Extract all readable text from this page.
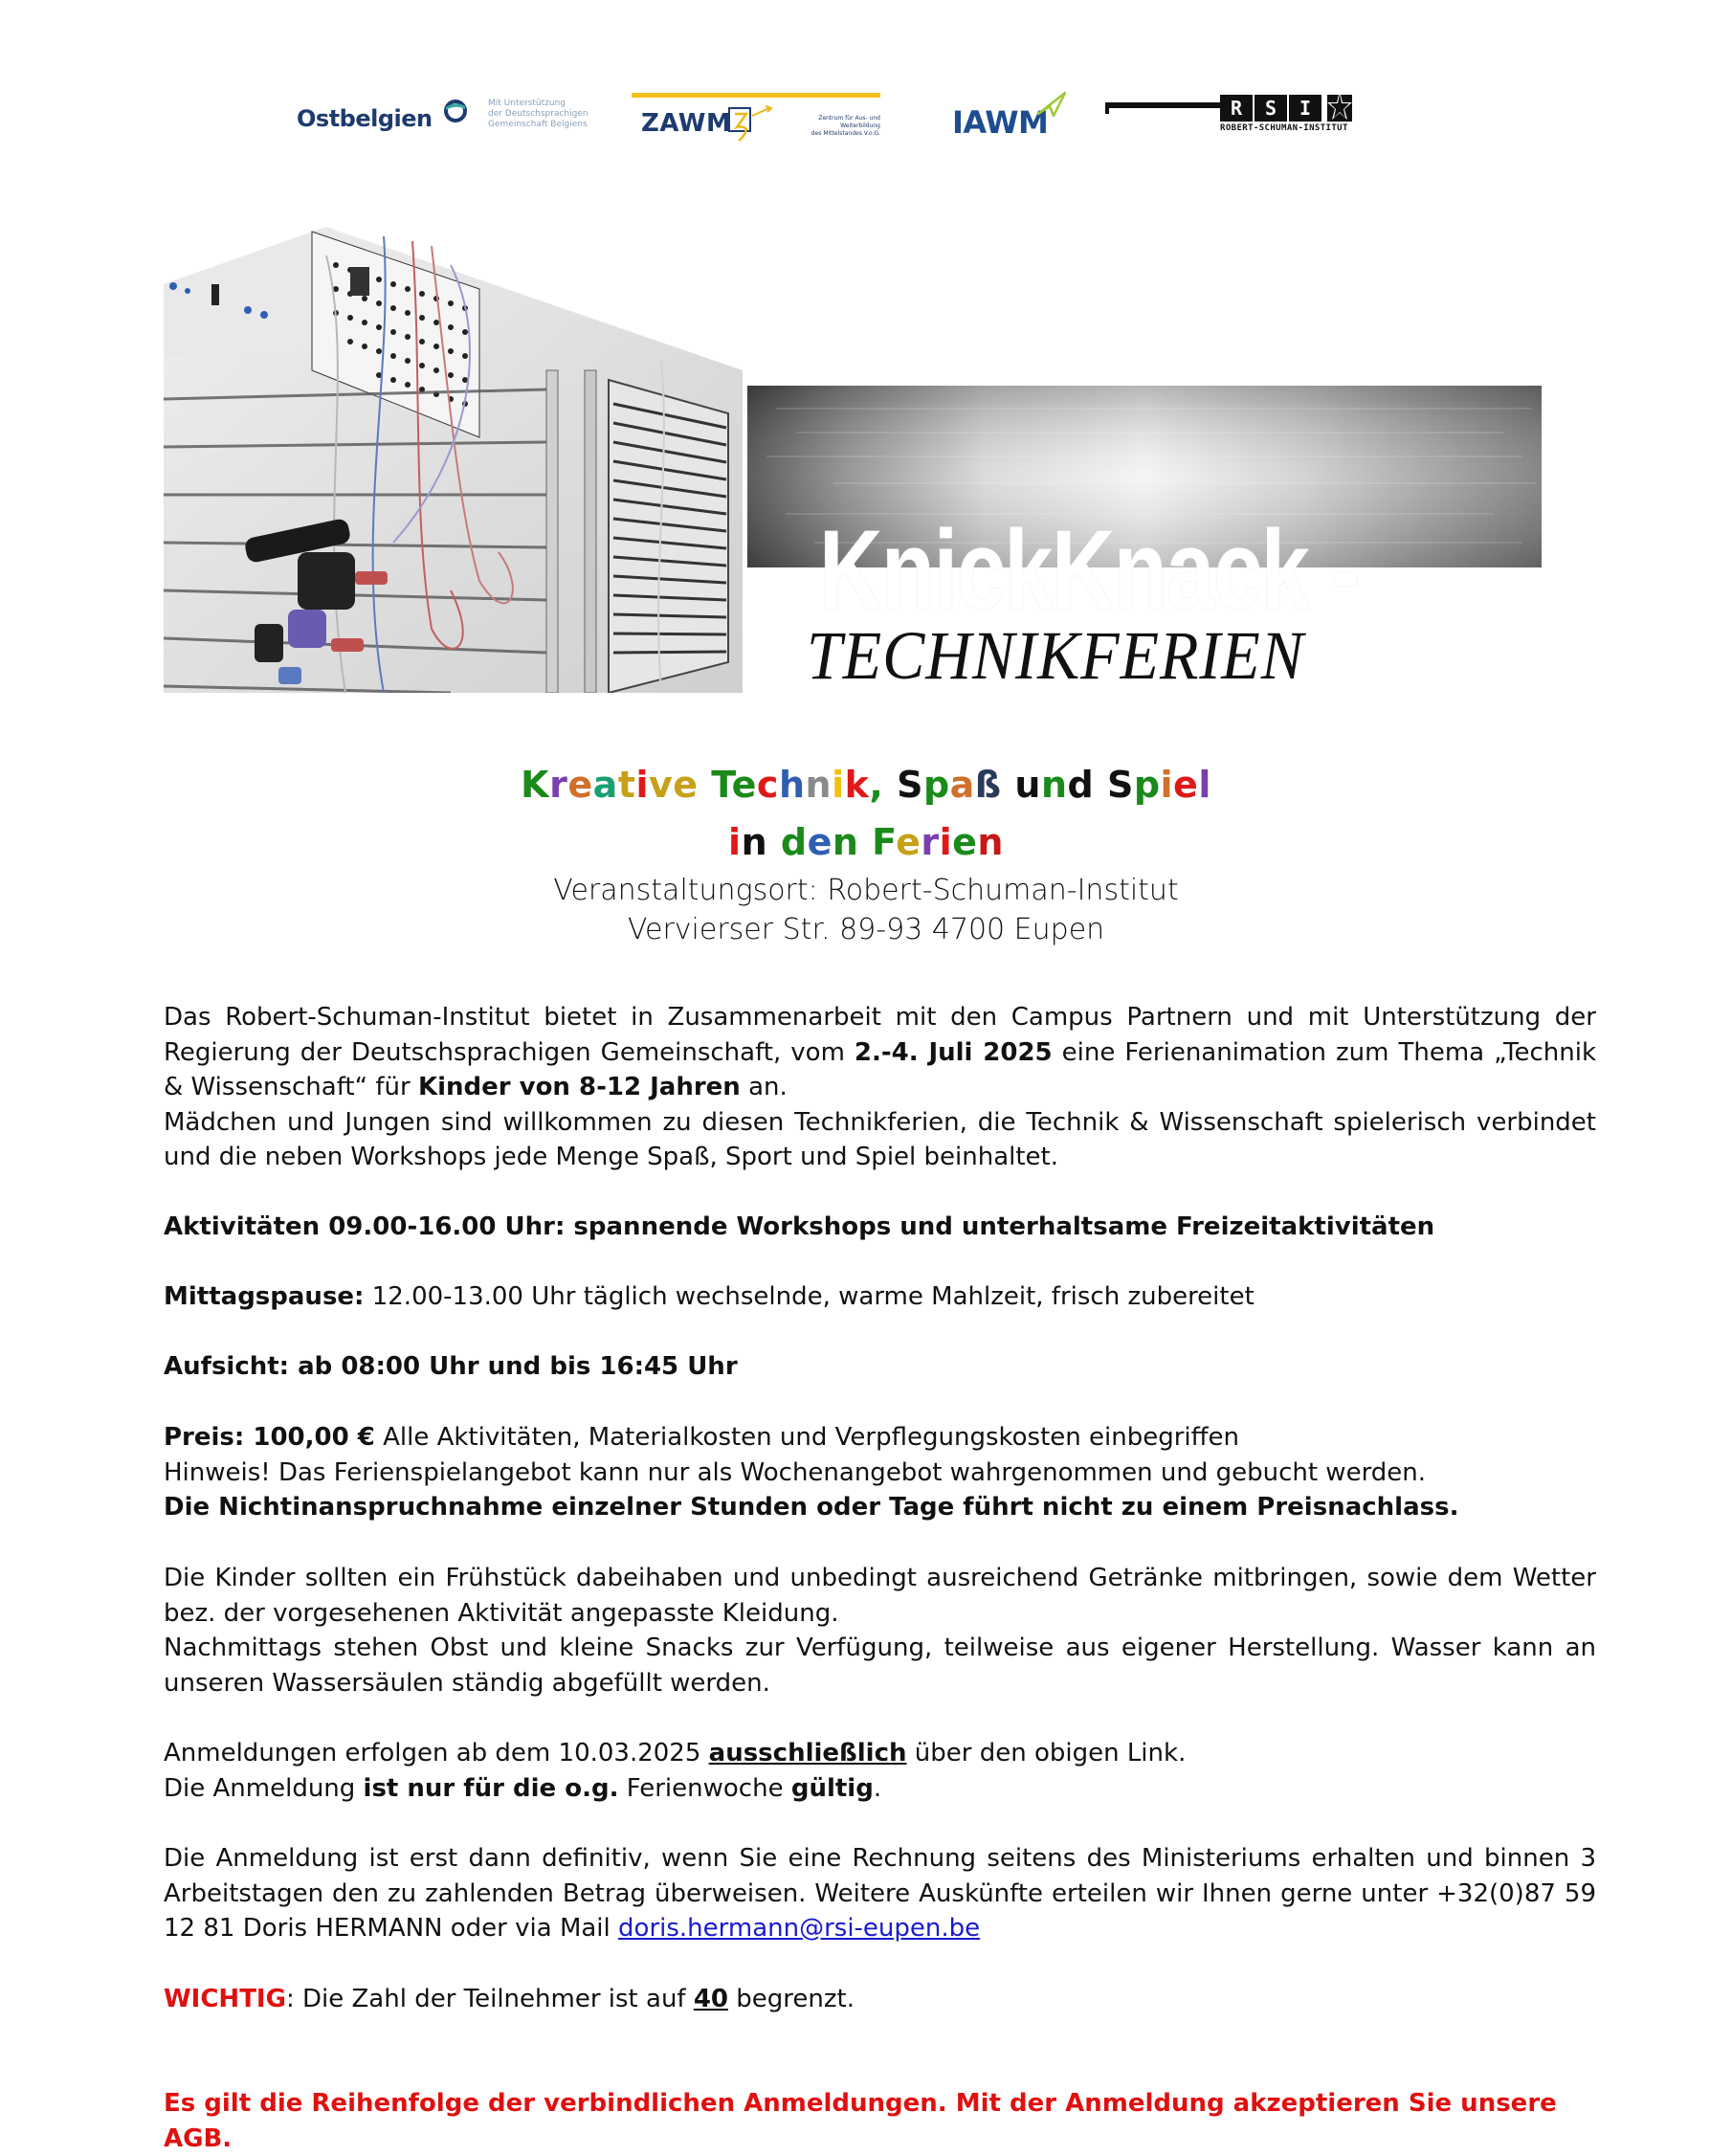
Ostbelgien
Mit Unterstützung
der Deutschsprachigen
Gemeinschaft Belgiens ZAWM	Zentrum für Aus- und Weiterbildung
des Mittelstandes V.o.G. IAWM	R	S	I
ROBERT-SCHUMAN-INSTITUT
KnickKnack -
TECHNIKFERIEN
Kreative Technik, Spaß und Spiel
in den Ferien
Veranstaltungsort: Robert-Schuman-Institut
Vervierser Str. 89-93 4700 Eupen

Das Robert-Schuman-Institut bietet in Zusammenarbeit mit den Campus Partnern und mit Unterstützung der Regierung der Deutschsprachigen Gemeinschaft, vom 2.-4. Juli 2025 eine Ferienanimation zum Thema „Technik & Wissenschaft“ für Kinder von 8-12 Jahren an.

Mädchen und Jungen sind willkommen zu diesen Technikferien, die Technik & Wissenschaft spielerisch verbindet und die neben Workshops jede Menge Spaß, Sport und Spiel beinhaltet.

Aktivitäten 09.00-16.00 Uhr: spannende Workshops und unterhaltsame Freizeitaktivitäten

Mittagspause: 12.00-13.00 Uhr täglich wechselnde, warme Mahlzeit, frisch zubereitet

Aufsicht: ab 08:00 Uhr und bis 16:45 Uhr

Preis: 100,00 € Alle Aktivitäten, Materialkosten und Verpflegungskosten einbegriffen

Hinweis! Das Ferienspielangebot kann nur als Wochenangebot wahrgenommen und gebucht werden.

Die Nichtinanspruchnahme einzelner Stunden oder Tage führt nicht zu einem Preisnachlass.

Die Kinder sollten ein Frühstück dabeihaben und unbedingt ausreichend Getränke mitbringen, sowie dem Wetter bez. der vorgesehenen Aktivität angepasste Kleidung.

Nachmittags stehen Obst und kleine Snacks zur Verfügung, teilweise aus eigener Herstellung. Wasser kann an unseren Wassersäulen ständig abgefüllt werden.

Anmeldungen erfolgen ab dem 10.03.2025 ausschließlich über den obigen Link.

Die Anmeldung ist nur für die o.g. Ferienwoche gültig.

Die Anmeldung ist erst dann definitiv, wenn Sie eine Rechnung seitens des Ministeriums erhalten und binnen 3 Arbeitstagen den zu zahlenden Betrag überweisen. Weitere Auskünfte erteilen wir Ihnen gerne unter +32(0)87 59 12 81 Doris HERMANN oder via Mail doris.hermann@rsi-eupen.be

WICHTIG: Die Zahl der Teilnehmer ist auf 40 begrenzt.

Es gilt die Reihenfolge der verbindlichen Anmeldungen. Mit der Anmeldung akzeptieren Sie unsere AGB.
